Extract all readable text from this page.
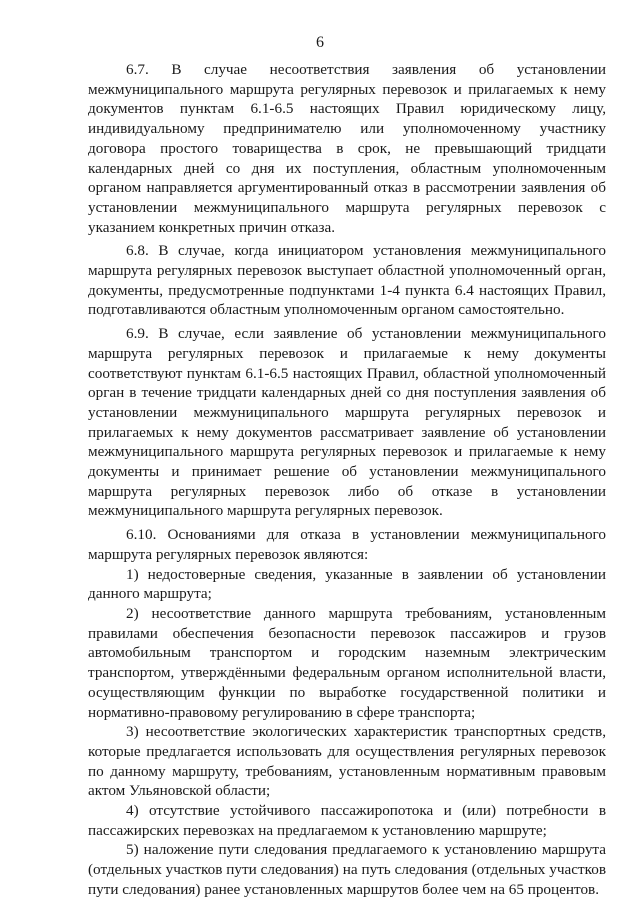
6

6.7. В случае несоответствия заявления об установлении межмуниципального маршрута регулярных перевозок и прилагаемых к нему документов пунктам 6.1-6.5 настоящих Правил юридическому лицу, индивидуальному предпринимателю или уполномоченному участнику договора простого товарищества в срок, не превышающий тридцати календарных дней со дня их поступления, областным уполномоченным органом направляется аргументированный отказ в рассмотрении заявления об установлении межмуниципального маршрута регулярных перевозок с указанием конкретных причин отказа.

6.8. В случае, когда инициатором установления межмуниципального маршрута регулярных перевозок выступает областной уполномоченный орган, документы, предусмотренные подпунктами 1-4 пункта 6.4 настоящих Правил, подготавливаются областным уполномоченным органом самостоятельно.

6.9. В случае, если заявление об установлении межмуниципального маршрута регулярных перевозок и прилагаемые к нему документы соответствуют пунктам 6.1-6.5 настоящих Правил, областной уполномоченный орган в течение тридцати календарных дней со дня поступления заявления об установлении межмуниципального маршрута регулярных перевозок и прилагаемых к нему документов рассматривает заявление об установлении межмуниципального маршрута регулярных перевозок и прилагаемые к нему документы и принимает решение об установлении межмуниципального маршрута регулярных перевозок либо об отказе в установлении межмуниципального маршрута регулярных перевозок.

6.10. Основаниями для отказа в установлении межмуниципального маршрута регулярных перевозок являются:

1) недостоверные сведения, указанные в заявлении об установлении данного маршрута;

2) несоответствие данного маршрута требованиям, установленным правилами обеспечения безопасности перевозок пассажиров и грузов автомобильным транспортом и городским наземным электрическим транспортом, утверждёнными федеральным органом исполнительной власти, осуществляющим функции по выработке государственной политики и нормативно-правовому регулированию в сфере транспорта;

3) несоответствие экологических характеристик транспортных средств, которые предлагается использовать для осуществления регулярных перевозок по данному маршруту, требованиям, установленным нормативным правовым актом Ульяновской области;

4) отсутствие устойчивого пассажиропотока и (или) потребности в пассажирских перевозках на предлагаемом к установлению маршруте;

5) наложение пути следования предлагаемого к установлению маршрута (отдельных участков пути следования) на путь следования (отдельных участков пути следования) ранее установленных маршрутов более чем на 65 процентов.
